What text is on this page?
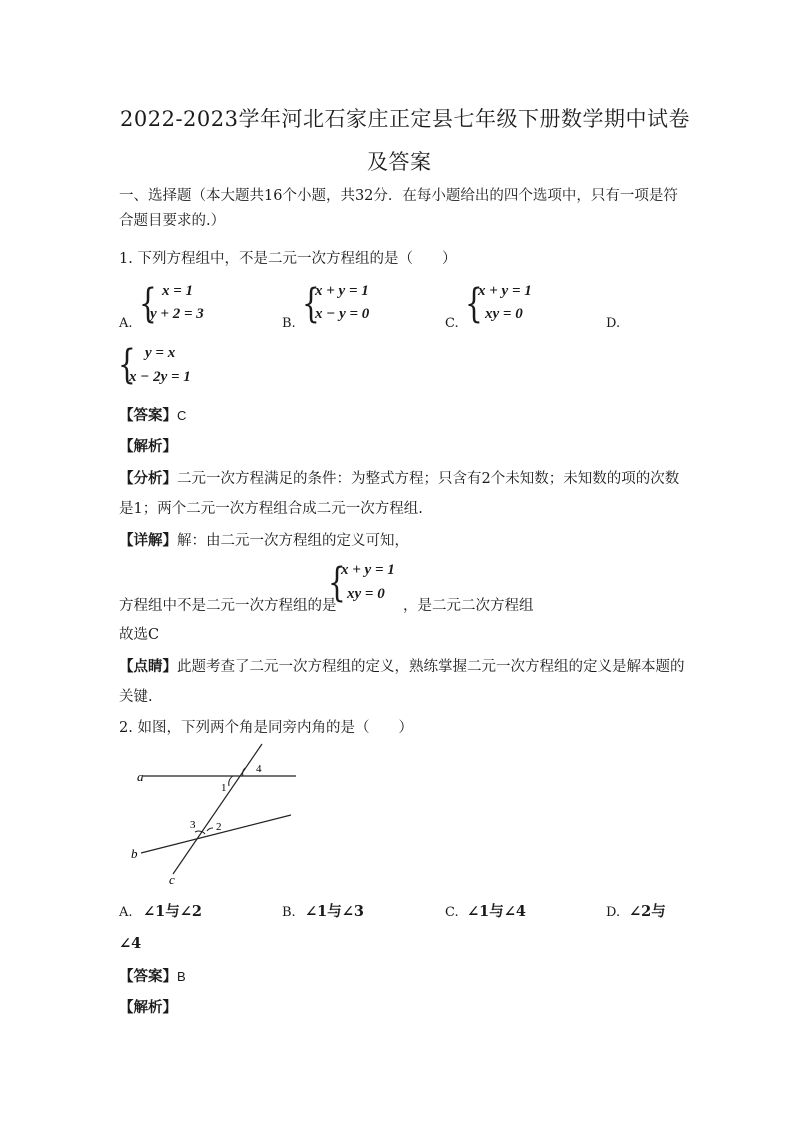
2022-2023学年河北石家庄正定县七年级下册数学期中试卷
及答案
一、选择题（本大题共16个小题，共32分．在每小题给出的四个选项中，只有一项是符
合题目要求的.）
1. 下列方程组中，不是二元一次方程组的是（　　）
A. { x = 1
y + 2 = 3
B. {
x + y = 1
x − y = 0
C. {
x + y = 1
xy = 0
D.
{ y = x
x − 2y = 1
【答案】C
【解析】
【分析】二元一次方程满足的条件：为整式方程；只含有2个未知数；未知数的项的次数
是1；两个二元一次方程组合成二元一次方程组.
【详解】解：由二元一次方程组的定义可知，
方程组中不是二元一次方程组的是
{
x + y = 1
xy = 0
，是二元二次方程组
故选C
【点睛】此题考查了二元一次方程组的定义，熟练掌握二元一次方程组的定义是解本题的
关键.
2. 如图，下列两个角是同旁内角的是（　　）
a
b
c
1
2
3
4
A. ∠1与∠2	B. ∠1与∠3	C. ∠1与∠4	D. ∠2与
∠4
【答案】B
【解析】
